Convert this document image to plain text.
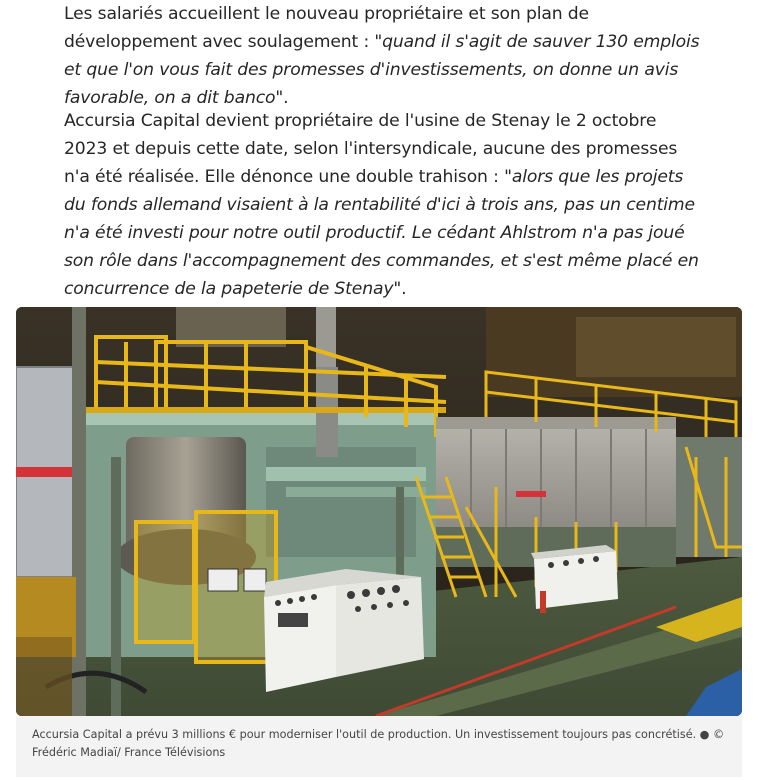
Les salariés accueillent le nouveau propriétaire et son plan de développement avec soulagement : "quand il s'agit de sauver 130 emplois et que l'on vous fait des promesses d'investissements, on donne un avis favorable, on a dit banco".

Accursia Capital devient propriétaire de l'usine de Stenay le 2 octobre 2023 et depuis cette date, selon l'intersyndicale, aucune des promesses n'a été réalisée. Elle dénonce une double trahison : "alors que les projets du fonds allemand visaient à la rentabilité d'ici à trois ans, pas un centime n'a été investi pour notre outil productif. Le cédant Ahlstrom n'a pas joué son rôle dans l'accompagnement des commandes, et s'est même placé en concurrence de la papeterie de Stenay".

Accursia Capital a prévu 3 millions € pour moderniser l'outil de production. Un investissement toujours pas concrétisé. ● © Frédéric Madiaï/ France Télévisions
